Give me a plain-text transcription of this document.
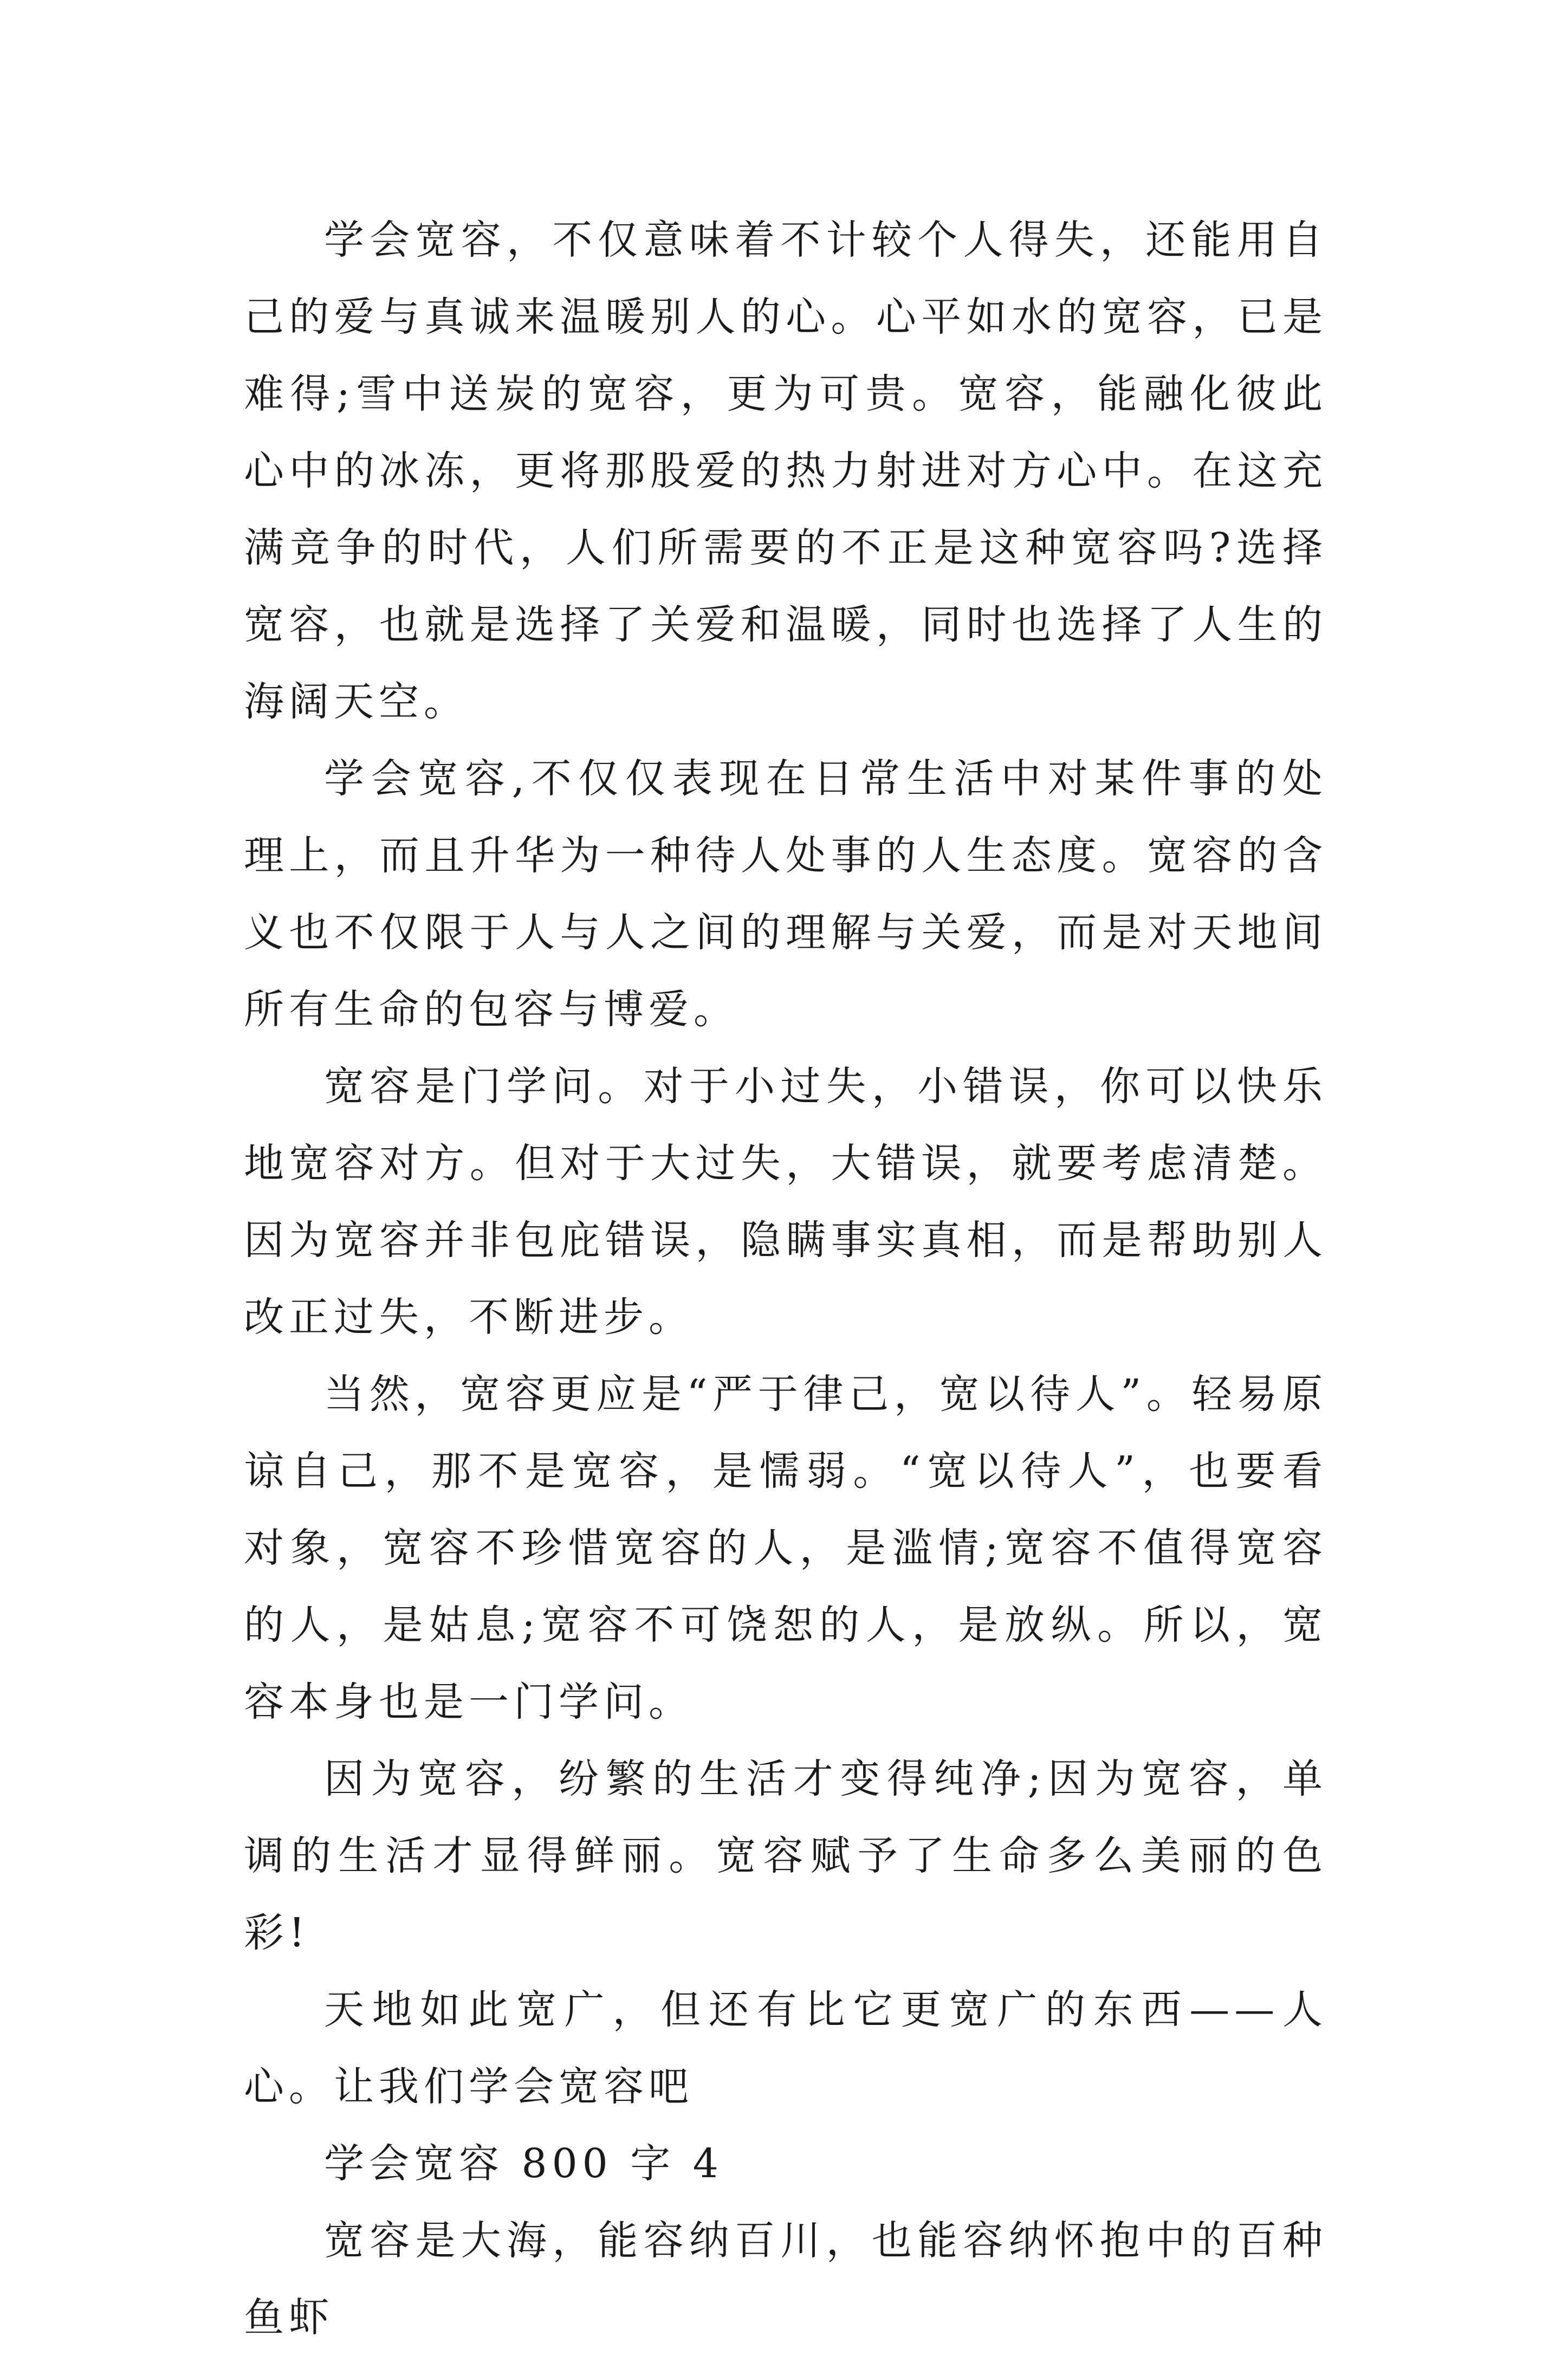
学会宽容，不仅意味着不计较个人得失，还能用自己的爱与真诚来温暖别人的心。心平如水的宽容，已是难得;雪中送炭的宽容，更为可贵。宽容，能融化彼此心中的冰冻，更将那股爱的热力射进对方心中。在这充满竞争的时代，人们所需要的不正是这种宽容吗?选择宽容，也就是选择了关爱和温暖，同时也选择了人生的海阔天空。

学会宽容,不仅仅表现在日常生活中对某件事的处理上，而且升华为一种待人处事的人生态度。宽容的含义也不仅限于人与人之间的理解与关爱，而是对天地间所有生命的包容与博爱。

宽容是门学问。对于小过失，小错误，你可以快乐地宽容对方。但对于大过失，大错误，就要考虑清楚。因为宽容并非包庇错误，隐瞒事实真相，而是帮助别人改正过失，不断进步。

当然，宽容更应是“严于律己，宽以待人”。轻易原谅自己，那不是宽容，是懦弱。“宽以待人”，也要看对象，宽容不珍惜宽容的人，是滥情;宽容不值得宽容的人，是姑息;宽容不可饶恕的人，是放纵。所以，宽容本身也是一门学问。

因为宽容，纷繁的生活才变得纯净;因为宽容，单调的生活才显得鲜丽。宽容赋予了生命多么美丽的色彩!

天地如此宽广，但还有比它更宽广的东西——人心。让我们学会宽容吧

学会宽容 800 字 4

宽容是大海，能容纳百川，也能容纳怀抱中的百种鱼虾
